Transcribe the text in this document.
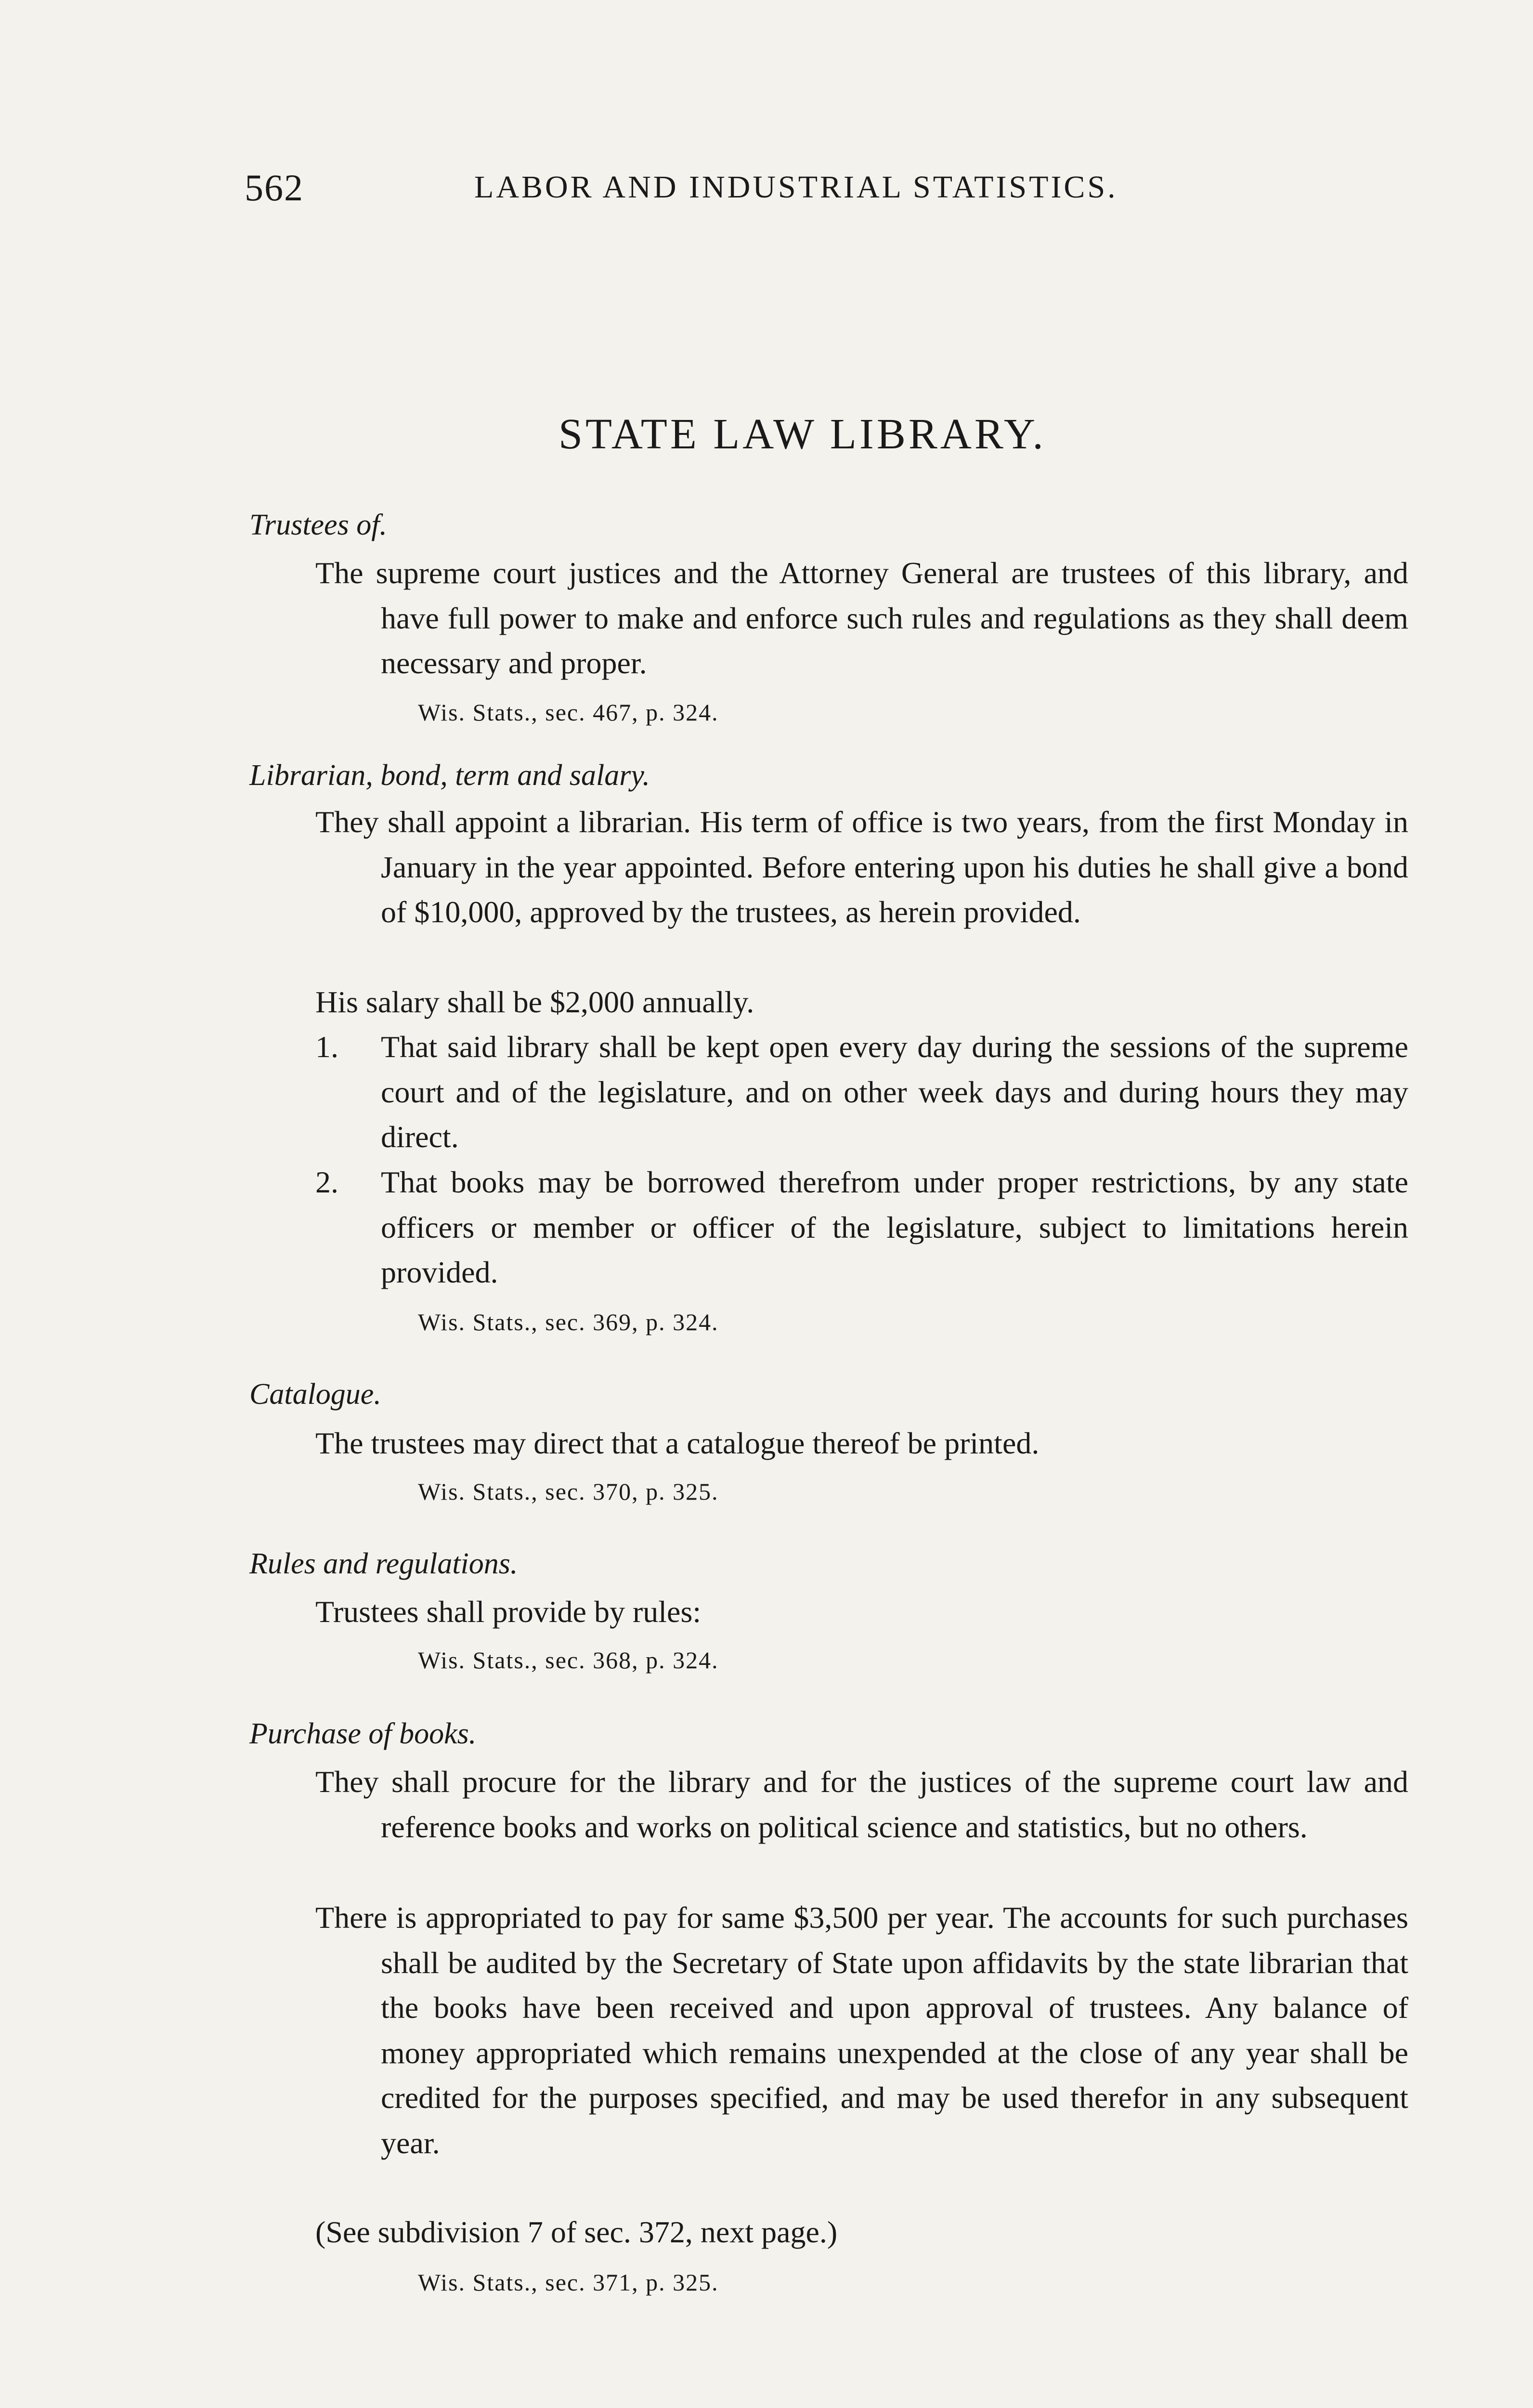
562	LABOR AND INDUSTRIAL STATISTICS.
STATE LAW LIBRARY.
Trustees of.
The supreme court justices and the Attorney General are trustees of this library, and have full power to make and enforce such rules and regulations as they shall deem necessary and proper.
Wis. Stats., sec. 467, p. 324.
Librarian, bond, term and salary.
They shall appoint a librarian. His term of office is two years, from the first Monday in January in the year appointed. Before entering upon his duties he shall give a bond of $10,000, approved by the trustees, as herein provided.
His salary shall be $2,000 annually.
1. That said library shall be kept open every day during the sessions of the supreme court and of the legislature, and on other week days and during hours they may direct.
2. That books may be borrowed therefrom under proper restrictions, by any state officers or member or officer of the legislature, subject to limitations herein provided.
Wis. Stats., sec. 369, p. 324.
Catalogue.
The trustees may direct that a catalogue thereof be printed.
Wis. Stats., sec. 370, p. 325.
Rules and regulations.
Trustees shall provide by rules:
Wis. Stats., sec. 368, p. 324.
Purchase of books.
They shall procure for the library and for the justices of the supreme court law and reference books and works on political science and statistics, but no others.
There is appropriated to pay for same $3,500 per year. The accounts for such purchases shall be audited by the Secretary of State upon affidavits by the state librarian that the books have been received and upon approval of trustees. Any balance of money appropriated which remains unexpended at the close of any year shall be credited for the purposes specified, and may be used therefor in any subsequent year.
(See subdivision 7 of sec. 372, next page.)
Wis. Stats., sec. 371, p. 325.
